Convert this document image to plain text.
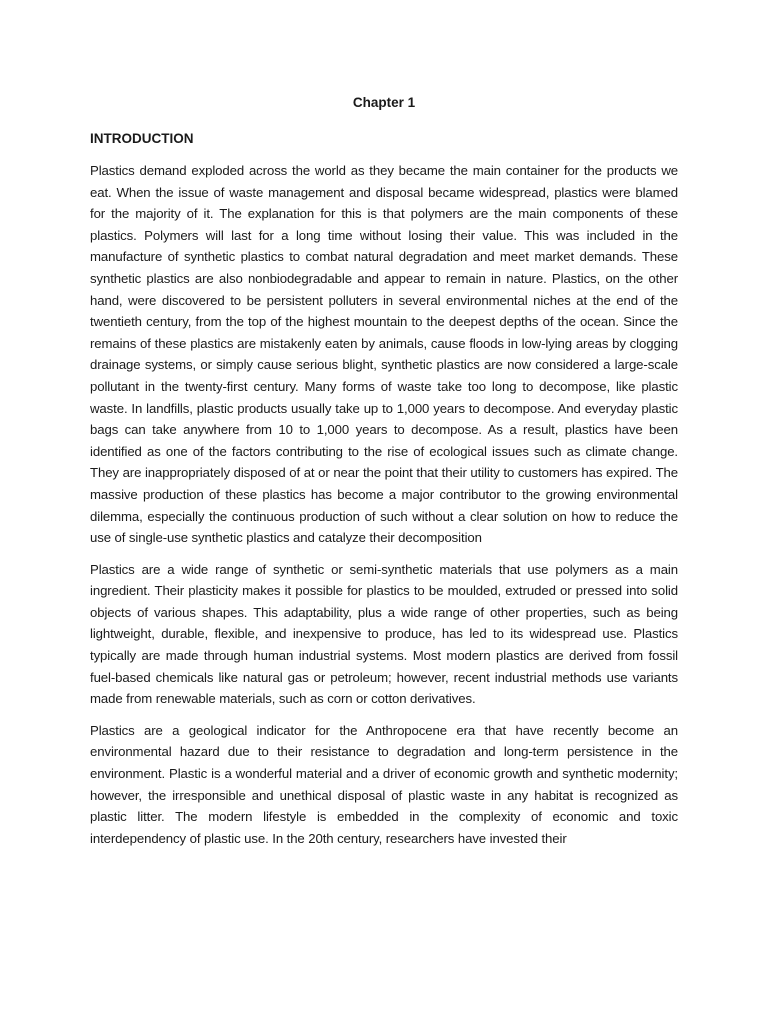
Chapter 1
INTRODUCTION

Plastics demand exploded across the world as they became the main container for the products we eat. When the issue of waste management and disposal became widespread, plastics were blamed for the majority of it. The explanation for this is that polymers are the main components of these plastics. Polymers will last for a long time without losing their value. This was included in the manufacture of synthetic plastics to combat natural degradation and meet market demands. These synthetic plastics are also nonbiodegradable and appear to remain in nature. Plastics, on the other hand, were discovered to be persistent polluters in several environmental niches at the end of the twentieth century, from the top of the highest mountain to the deepest depths of the ocean. Since the remains of these plastics are mistakenly eaten by animals, cause floods in low-lying areas by clogging drainage systems, or simply cause serious blight, synthetic plastics are now considered a large-scale pollutant in the twenty-first century. Many forms of waste take too long to decompose, like plastic waste. In landfills, plastic products usually take up to 1,000 years to decompose. And everyday plastic bags can take anywhere from 10 to 1,000 years to decompose. As a result, plastics have been identified as one of the factors contributing to the rise of ecological issues such as climate change. They are inappropriately disposed of at or near the point that their utility to customers has expired. The massive production of these plastics has become a major contributor to the growing environmental dilemma, especially the continuous production of such without a clear solution on how to reduce the use of single-use synthetic plastics and catalyze their decomposition

Plastics are a wide range of synthetic or semi-synthetic materials that use polymers as a main ingredient. Their plasticity makes it possible for plastics to be moulded, extruded or pressed into solid objects of various shapes. This adaptability, plus a wide range of other properties, such as being lightweight, durable, flexible, and inexpensive to produce, has led to its widespread use. Plastics typically are made through human industrial systems. Most modern plastics are derived from fossil fuel-based chemicals like natural gas or petroleum; however, recent industrial methods use variants made from renewable materials, such as corn or cotton derivatives.

Plastics are a geological indicator for the Anthropocene era that have recently become an environmental hazard due to their resistance to degradation and long-term persistence in the environment. Plastic is a wonderful material and a driver of economic growth and synthetic modernity; however, the irresponsible and unethical disposal of plastic waste in any habitat is recognized as plastic litter. The modern lifestyle is embedded in the complexity of economic and toxic interdependency of plastic use. In the 20th century, researchers have invested their
